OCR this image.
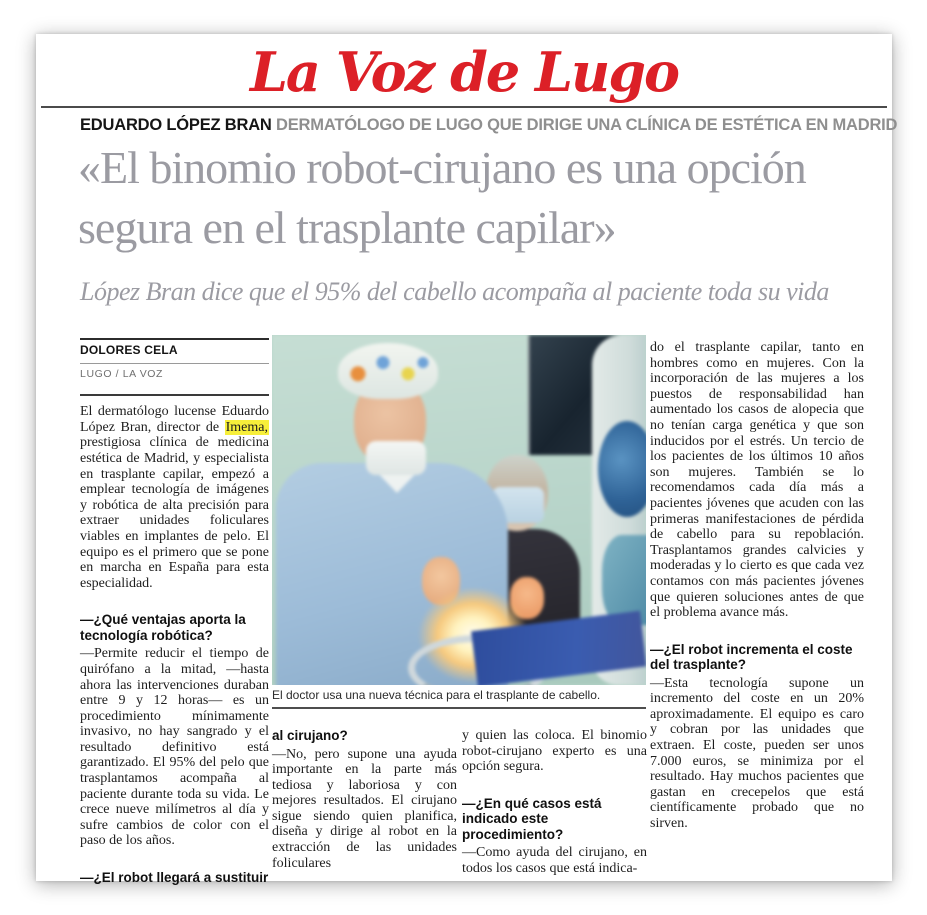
La Voz de Lugo
EDUARDO LÓPEZ BRAN DERMATÓLOGO DE LUGO QUE DIRIGE UNA CLÍNICA DE ESTÉTICA EN MADRID
«El binomio robot-cirujano es una opción segura en el trasplante capilar»
López Bran dice que el 95% del cabello acompaña al paciente toda su vida
DOLORES CELA
LUGO / LA VOZ

El dermatólogo lucense Eduardo López Bran, director de Imema, prestigiosa clínica de medicina estética de Madrid, y especialista en trasplante capilar, empezó a emplear tecnología de imágenes y robótica de alta precisión para extraer unidades foliculares viables en implantes de pelo. El equipo es el primero que se pone en marcha en España para esta especialidad.

—¿Qué ventajas aporta la tecnología robótica?

—Permite reducir el tiempo de quirófano a la mitad, —hasta ahora las intervenciones duraban entre 9 y 12 horas— es un procedimiento mínimamente invasivo, no hay sangrado y el resultado definitivo está garantizado. El 95% del pelo que trasplantamos acompaña al paciente durante toda su vida. Le crece nueve milímetros al día y sufre cambios de color con el paso de los años.

—¿El robot llegará a sustituir
El doctor usa una nueva técnica para el trasplante de cabello.
al cirujano?

—No, pero supone una ayuda importante en la parte más tediosa y laboriosa y con mejores resultados. El cirujano sigue siendo quien planifica, diseña y dirige al robot en la extracción de las unidades foliculares

y quien las coloca. El binomio robot-cirujano experto es una opción segura.

—¿En qué casos está indicado este procedimiento?

—Como ayuda del cirujano, en todos los casos que está indica-

do el trasplante capilar, tanto en hombres como en mujeres. Con la incorporación de las mujeres a los puestos de responsabilidad han aumentado los casos de alopecia que no tenían carga genética y que son inducidos por el estrés. Un tercio de los pacientes de los últimos 10 años son mujeres. También se lo recomendamos cada día más a pacientes jóvenes que acuden con las primeras manifestaciones de pérdida de cabello para su repoblación. Trasplantamos grandes calvicies y moderadas y lo cierto es que cada vez contamos con más pacientes jóvenes que quieren soluciones antes de que el problema avance más.

—¿El robot incrementa el coste del trasplante?

—Esta tecnología supone un incremento del coste en un 20% aproximadamente. El equipo es caro y cobran por las unidades que extraen. El coste, pueden ser unos 7.000 euros, se minimiza por el resultado. Hay muchos pacientes que gastan en crecepelos que está científicamente probado que no sirven.
